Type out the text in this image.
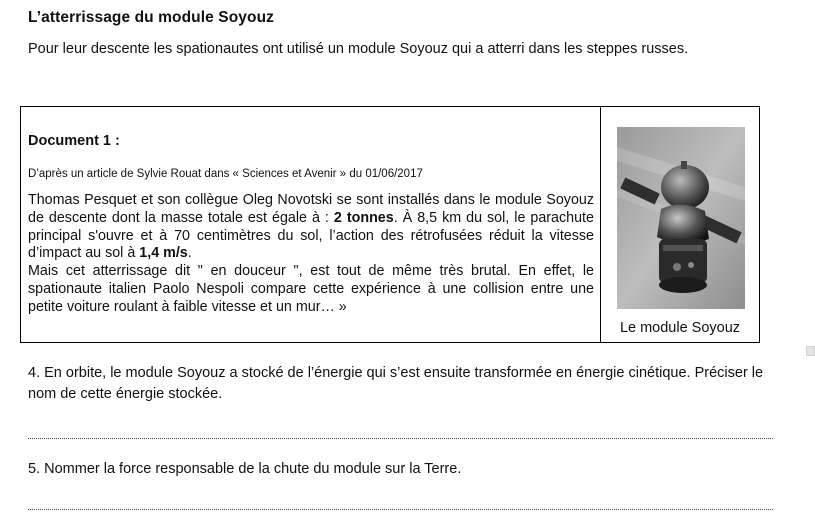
L’atterrissage du module Soyouz
Pour leur descente les spationautes ont utilisé un module Soyouz qui a atterri dans les steppes russes.
Document 1 :
D’après un article de Sylvie Rouat dans « Sciences et Avenir » du 01/06/2017
Thomas Pesquet et son collègue Oleg Novotski se sont installés dans le module Soyouz de descente dont la masse totale est égale à : 2 tonnes. À 8,5 km du sol, le parachute principal s'ouvre et à 70 centimètres du sol, l’action des rétrofusées réduit la vitesse d’impact au sol à 1,4 m/s.
Mais cet atterrissage dit " en douceur ", est tout de même très brutal. En effet, le spationaute italien Paolo Nespoli compare cette expérience à une collision entre une petite voiture roulant à faible vitesse et un mur… »
Le module Soyouz
4. En orbite, le module Soyouz a stocké de l’énergie qui s’est ensuite transformée en énergie cinétique. Préciser le nom de cette énergie stockée.
5. Nommer la force responsable de la chute du module sur la Terre.
